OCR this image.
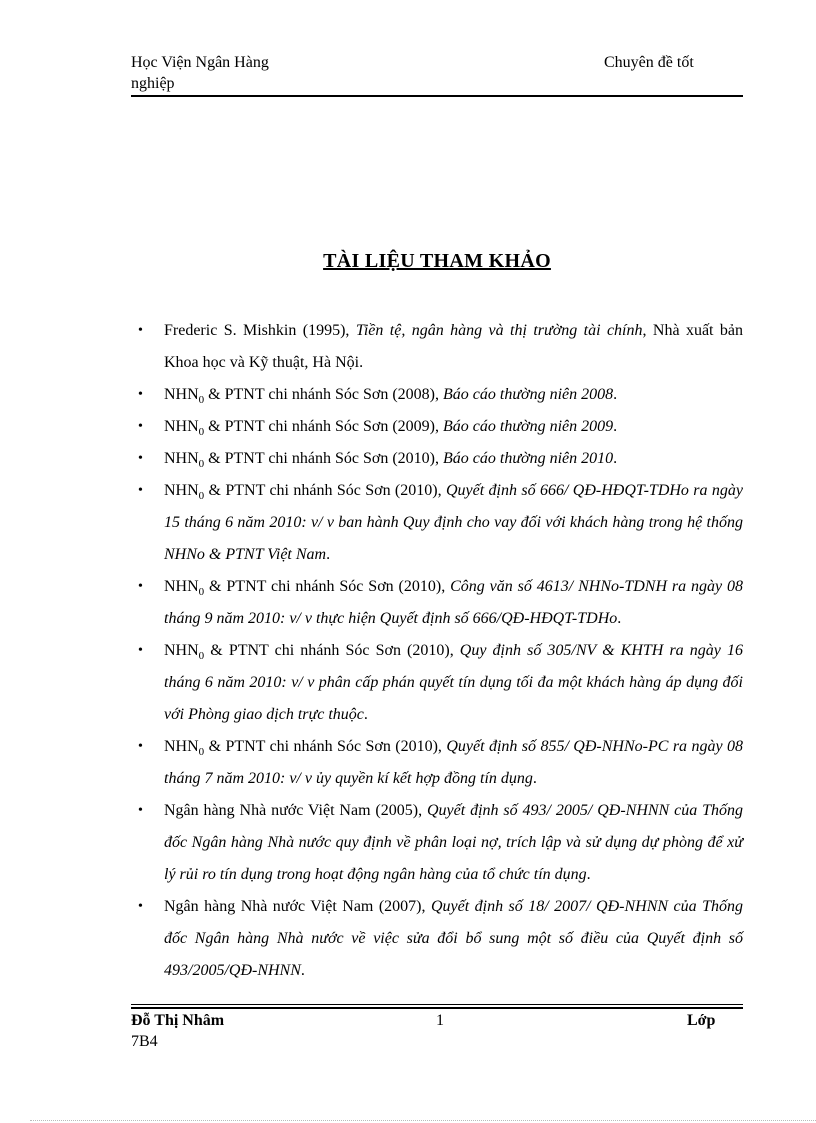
Học Viện Ngân Hàng	Chuyên đề tốt
nghiệp
TÀI LIỆU THAM KHẢO
• Frederic S. Mishkin (1995), Tiền tệ, ngân hàng và thị trường tài chính, Nhà xuất bản Khoa học và Kỹ thuật, Hà Nội.
• $NHN_0$ & PTNT chi nhánh Sóc Sơn (2008), Báo cáo thường niên 2008.
• $NHN_0$ & PTNT chi nhánh Sóc Sơn (2009), Báo cáo thường niên 2009.
• $NHN_0$ & PTNT chi nhánh Sóc Sơn (2010), Báo cáo thường niên 2010.
• $NHN_0$ & PTNT chi nhánh Sóc Sơn (2010), Quyết định số 666/ QĐ-HĐQT-TDHo ra ngày 15 tháng 6 năm 2010: v/ v ban hành Quy định cho vay đối với khách hàng trong hệ thống NHNo & PTNT Việt Nam.
• $NHN_0$ & PTNT chi nhánh Sóc Sơn (2010), Công văn số 4613/ NHNo-TDNH ra ngày 08 tháng 9 năm 2010: v/ v thực hiện Quyết định số 666/QĐ-HĐQT-TDHo.
• $NHN_0$ & PTNT chi nhánh Sóc Sơn (2010), Quy định số 305/NV & KHTH ra ngày 16 tháng 6 năm 2010: v/ v phân cấp phán quyết tín dụng tối đa một khách hàng áp dụng đối với Phòng giao dịch trực thuộc.
• $NHN_0$ & PTNT chi nhánh Sóc Sơn (2010), Quyết định số 855/ QĐ-NHNo-PC ra ngày 08 tháng 7 năm 2010: v/ v ủy quyền kí kết hợp đồng tín dụng.
• Ngân hàng Nhà nước Việt Nam (2005), Quyết định số 493/ 2005/ QĐ-NHNN của Thống đốc Ngân hàng Nhà nước quy định về phân loại nợ, trích lập và sử dụng dự phòng để xử lý rủi ro tín dụng trong hoạt động ngân hàng của tổ chức tín dụng.
• Ngân hàng Nhà nước Việt Nam (2007), Quyết định số 18/ 2007/ QĐ-NHNN của Thống đốc Ngân hàng Nhà nước về việc sửa đổi bổ sung một số điều của Quyết định số 493/2005/QĐ-NHNN.
Đỗ Thị Nhâm	1	Lớp
7B4
